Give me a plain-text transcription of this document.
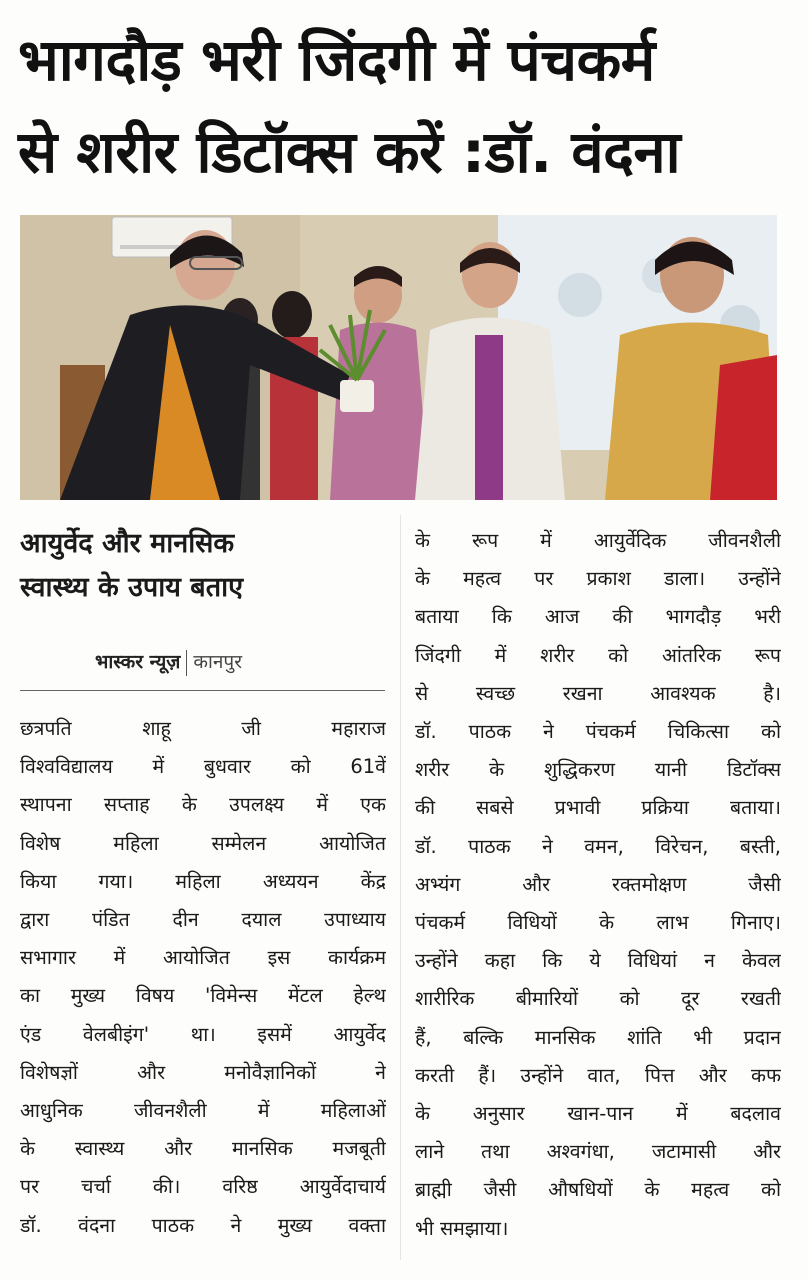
भागदौड़ भरी जिंदगी में पंचकर्म
से शरीर डिटॉक्स करें :डॉ. वंदना
आयुर्वेद और मानसिक
स्वास्थ्य के उपाय बताए
भास्कर न्यूज़ कानपुर
छत्रपति शाहू जी महाराज
विश्वविद्यालय में बुधवार को 61वें
स्थापना सप्ताह के उपलक्ष्य में एक
विशेष महिला सम्मेलन आयोजित
किया गया। महिला अध्ययन केंद्र
द्वारा पंडित दीन दयाल उपाध्याय
सभागार में आयोजित इस कार्यक्रम
का मुख्य विषय 'विमेन्स मेंटल हेल्थ
एंड वेलबीइंग' था। इसमें आयुर्वेद
विशेषज्ञों और मनोवैज्ञानिकों ने
आधुनिक जीवनशैली में महिलाओं
के स्वास्थ्य और मानसिक मजबूती
पर चर्चा की। वरिष्ठ आयुर्वेदाचार्य
डॉ. वंदना पाठक ने मुख्य वक्ता
के रूप में आयुर्वेदिक जीवनशैली
के महत्व पर प्रकाश डाला। उन्होंने
बताया कि आज की भागदौड़ भरी
जिंदगी में शरीर को आंतरिक रूप
से स्वच्छ रखना आवश्यक है।
डॉ. पाठक ने पंचकर्म चिकित्सा को
शरीर के शुद्धिकरण यानी डिटॉक्स
की सबसे प्रभावी प्रक्रिया बताया।
डॉ. पाठक ने वमन, विरेचन, बस्ती,
अभ्यंग और रक्तमोक्षण जैसी
पंचकर्म विधियों के लाभ गिनाए।
उन्होंने कहा कि ये विधियां न केवल
शारीरिक बीमारियों को दूर रखती
हैं, बल्कि मानसिक शांति भी प्रदान
करती हैं। उन्होंने वात, पित्त और कफ
के अनुसार खान-पान में बदलाव
लाने तथा अश्वगंधा, जटामासी और
ब्राह्मी जैसी औषधियों के महत्व को
भी समझाया।
